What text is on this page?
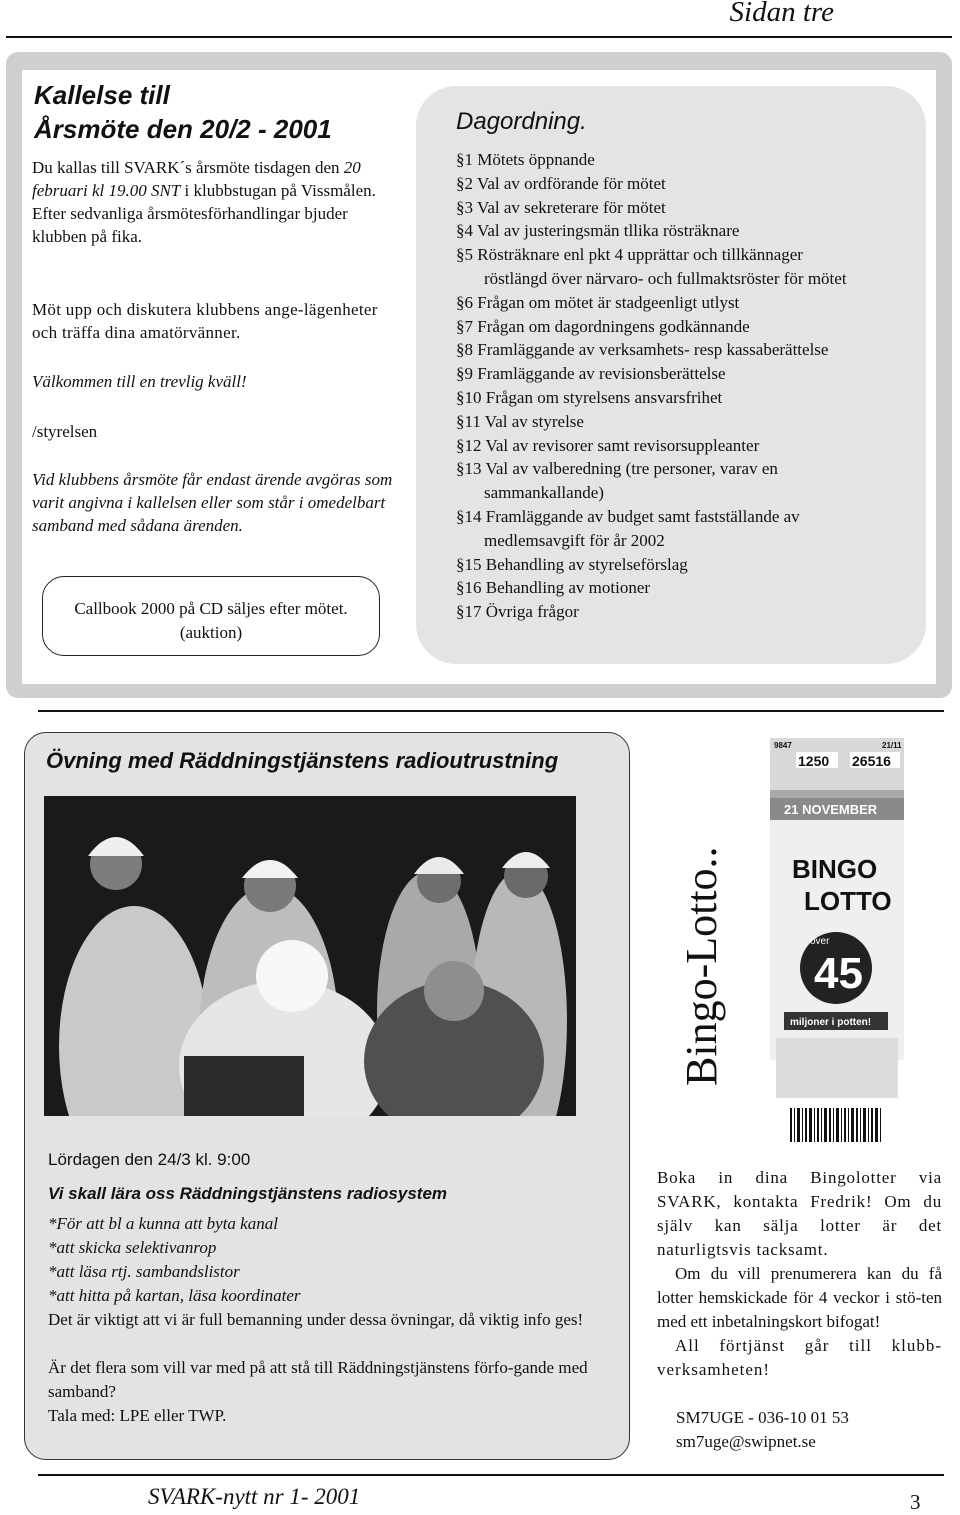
Sidan tre
Kallelse till
Årsmöte den 20/2 - 2001
Du kallas till SVARK´s årsmöte tisdagen den 20 februari kl 19.00 SNT i klubbstugan på Vissmålen. Efter sedvanliga årsmötesförhandlingar bjuder klubben på fika.
Möt upp och diskutera klubbens ange-lägenheter och träffa dina amatörvänner.
Välkommen till en trevlig kväll!
/styrelsen
Vid klubbens årsmöte får endast ärende avgöras som varit angivna i kallelsen eller som står i omedelbart samband med sådana ärenden.
Callbook 2000 på CD säljes efter mötet.
(auktion)
Dagordning.
§1 Mötets öppnande
§2 Val av ordförande för mötet
§3 Val av sekreterare för mötet
§4 Val av justeringsmän tllika rösträknare
§5 Rösträknare enl pkt 4 upprättar och tillkännager
röstlängd över närvaro- och fullmaktsröster för mötet
§6 Frågan om mötet är stadgeenligt utlyst
§7 Frågan om dagordningens godkännande
§8 Framläggande av verksamhets- resp kassaberättelse
§9 Framläggande av revisionsberättelse
§10 Frågan om styrelsens ansvarsfrihet
§11 Val av styrelse
§12 Val av revisorer samt revisorsuppleanter
§13 Val av valberedning (tre personer, varav en
sammankallande)
§14 Framläggande av budget samt fastställande av
medlemsavgift för år 2002
§15 Behandling av styrelseförslag
§16 Behandling av motioner
§17 Övriga frågor
Övning med Räddningstjänstens radioutrustning
Lördagen den 24/3 kl. 9:00
Vi skall lära oss Räddningstjänstens radiosystem
*För att bl a kunna att byta kanal
*att skicka selektivanrop
*att läsa rtj. sambandslistor
*att hitta på kartan, läsa koordinater
Det är viktigt att vi är full bemanning under dessa övningar, då viktig info ges!
Är det flera som vill var med på att stå till Räddningstjänstens förfo-gande med samband?
Tala med: LPE eller TWP.
Bingo-Lotto..
9847	21/11
1250 26516
21 NOVEMBER
BINGO
LOTTO
över
45
miljoner i potten!
Boka in dina Bingolotter via SVARK, kontakta Fredrik! Om du själv kan sälja lotter är det naturligtsvis tacksamt.
Om du vill prenumerera kan du få lotter hemskickade för 4 veckor i stö-ten med ett inbetalningskort bifogat!
All förtjänst går till klubb-verksamheten!
SM7UGE - 036-10 01 53
sm7uge@swipnet.se
SVARK-nytt nr 1- 2001	3
